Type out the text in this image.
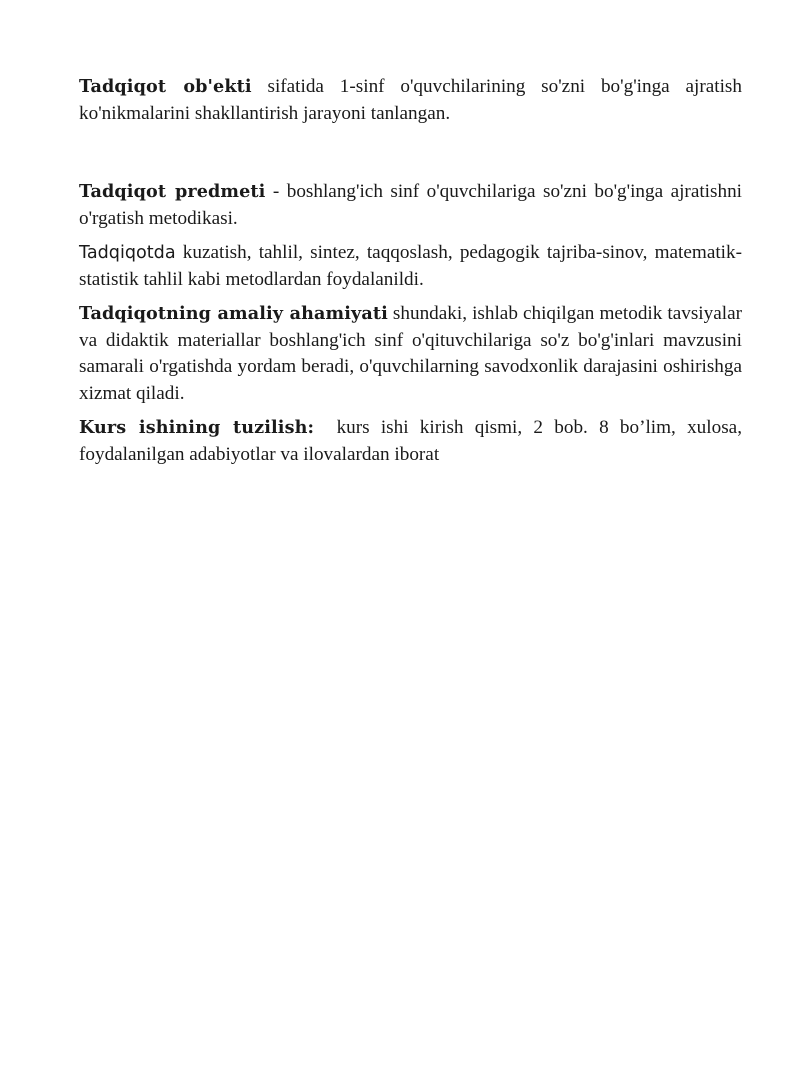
Tadqiqot ob'ekti sifatida 1-sinf o'quvchilarining so'zni bo'g'inga ajratish ko'nikmalarini shakllantirish jarayoni tanlangan.

Tadqiqot predmeti - boshlang'ich sinf o'quvchilariga so'zni bo'g'inga ajratishni o'rgatish metodikasi.

Tadqiqotda kuzatish, tahlil, sintez, taqqoslash, pedagogik tajriba-sinov, matematik-statistik tahlil kabi metodlardan foydalanildi.

Tadqiqotning amaliy ahamiyati shundaki, ishlab chiqilgan metodik tavsiyalar va didaktik materiallar boshlang'ich sinf o'qituvchilariga so'z bo'g'inlari mavzusini samarali o'rgatishda yordam beradi, o'quvchilarning savodxonlik darajasini oshirishga xizmat qiladi.

Kurs ishining tuzilish:  kurs ishi kirish qismi, 2 bob. 8 bo’lim, xulosa, foydalanilgan adabiyotlar va ilovalardan iborat
